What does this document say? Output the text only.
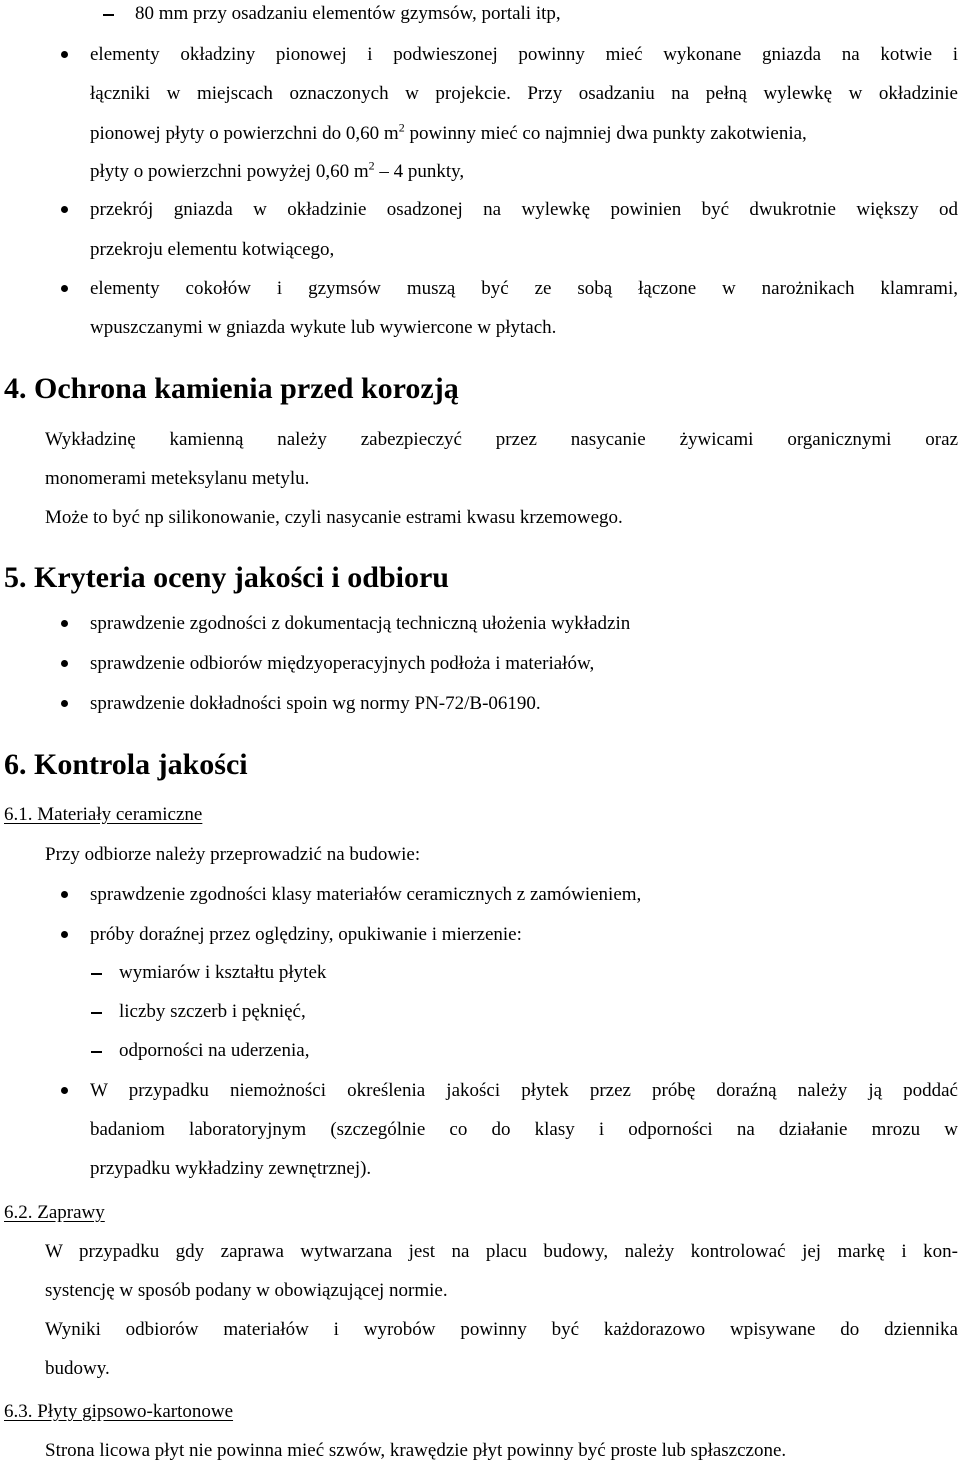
80 mm przy osadzaniu elementów gzymsów, portali itp,
elementy okładziny pionowej i podwieszonej powinny mieć wykonane gniazda na kotwie i
łączniki w miejscach oznaczonych w projekcie. Przy osadzaniu na pełną wylewkę w okładzinie
pionowej płyty o powierzchni do 0,60 $m^2$ powinny mieć co najmniej dwa punkty zakotwienia,
płyty o powierzchni powyżej 0,60 $m^2 - 4$ punkty,
przekrój gniazda w okładzinie osadzonej na wylewkę powinien być dwukrotnie większy od
przekroju elementu kotwiącego,
elementy cokołów i gzymsów muszą być ze sobą łączone w narożnikach klamrami,
wpuszczanymi w gniazda wykute lub wywiercone w płytach.
4. Ochrona kamienia przed korozją
Wykładzinę kamienną należy zabezpieczyć przez nasycanie żywicami organicznymi oraz
monomerami meteksylanu metylu.
Może to być np silikonowanie, czyli nasycanie estrami kwasu krzemowego.
5. Kryteria oceny jakości i odbioru
sprawdzenie zgodności z dokumentacją techniczną ułożenia wykładzin
sprawdzenie odbiorów międzyoperacyjnych podłoża i materiałów,
sprawdzenie dokładności spoin wg normy PN-72/B-06190.
6. Kontrola jakości
6.1. Materiały ceramiczne
Przy odbiorze należy przeprowadzić na budowie:
sprawdzenie zgodności klasy materiałów ceramicznych z zamówieniem,
próby doraźnej przez oględziny, opukiwanie i mierzenie:
wymiarów i kształtu płytek
liczby szczerb i pęknięć,
odporności na uderzenia,
W przypadku niemożności określenia jakości płytek przez próbę doraźną należy ją poddać
badaniom laboratoryjnym (szczególnie co do klasy i odporności na działanie mrozu w
przypadku wykładziny zewnętrznej).
6.2. Zaprawy
W przypadku gdy zaprawa wytwarzana jest na placu budowy, należy kontrolować jej markę i kon-
systencję w sposób podany w obowiązującej normie.
Wyniki odbiorów materiałów i wyrobów powinny być każdorazowo wpisywane do dziennika
budowy.
6.3. Płyty gipsowo-kartonowe
Strona licowa płyt nie powinna mieć szwów, krawędzie płyt powinny być proste lub spłaszczone.
